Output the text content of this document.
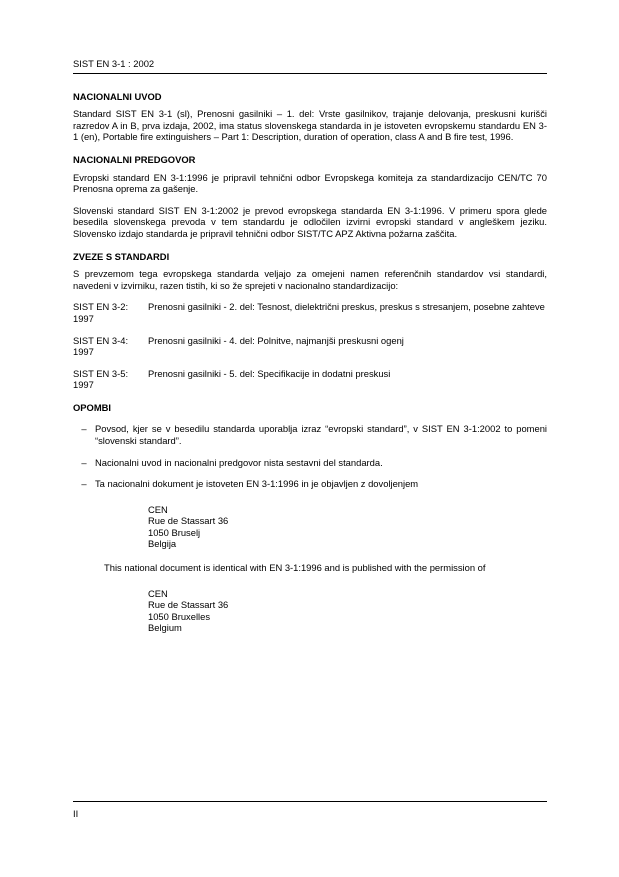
SIST EN 3-1 : 2002
NACIONALNI UVOD

Standard SIST EN 3-1 (sl), Prenosni gasilniki – 1. del: Vrste gasilnikov, trajanje delovanja, preskusni kurišči razredov A in B, prva izdaja, 2002, ima status slovenskega standarda in je istoveten evropskemu standardu EN 3-1 (en), Portable fire extinguishers – Part 1: Description, duration of operation, class A and B fire test, 1996.

NACIONALNI PREDGOVOR

Evropski standard EN 3-1:1996 je pripravil tehnični odbor Evropskega komiteja za standardizacijo CEN/TC 70 Prenosna oprema za gašenje.

Slovenski standard SIST EN 3-1:2002 je prevod evropskega standarda EN 3-1:1996. V primeru spora glede besedila slovenskega prevoda v tem standardu je odločilen izvirni evropski standard v angleškem jeziku. Slovensko izdajo standarda je pripravil tehnični odbor SIST/TC APZ Aktivna požarna zaščita.

ZVEZE S STANDARDI

S prevzemom tega evropskega standarda veljajo za omejeni namen referenčnih standardov vsi standardi, navedeni v izvirniku, razen tistih, ki so že sprejeti v nacionalno standardizacijo:

SIST EN 3-2: 1997
Prenosni gasilniki - 2. del: Tesnost, dielektrični preskus, preskus s stresanjem, posebne zahteve
SIST EN 3-4: 1997
Prenosni gasilniki - 4. del: Polnitve, najmanjši preskusni ogenj
SIST EN 3-5: 1997
Prenosni gasilniki - 5. del: Specifikacije in dodatni preskusi
OPOMBI
– Povsod, kjer se v besedilu standarda uporablja izraz “evropski standard”, v SIST EN 3-1:2002 to pomeni “slovenski standard”.
– Nacionalni uvod in nacionalni predgovor nista sestavni del standarda.
– Ta nacionalni dokument je istoveten EN 3-1:1996 in je objavljen z dovoljenjem
CEN
Rue de Stassart 36
1050 Bruselj
Belgija
This national document is identical with EN 3-1:1996 and is published with the permission of
CEN
Rue de Stassart 36
1050 Bruxelles
Belgium
II
